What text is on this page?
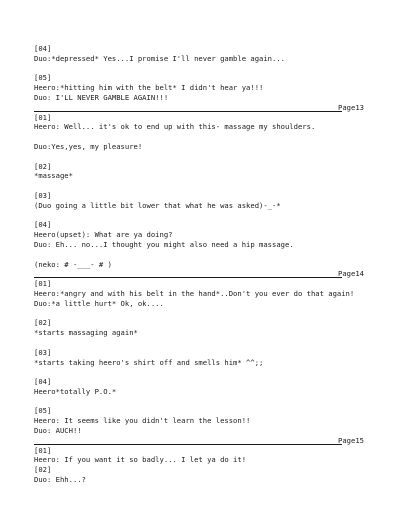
[04]
Duo:*depressed* Yes...I promise I'll never gamble again...
[05]
Heero:*hitting him with the belt* I didn't hear ya!!!
Duo: I'LL NEVER GAMBLE AGAIN!!!
Page13
[01]
Heero: Well... it's ok to end up with this- massage my shoulders.
Duo:Yes,yes, my pleasure!
[02]
*massage*
[03]
(Duo going a little bit lower that what he was asked)-_-*
[04]
Heero(upset): What are ya doing?
Duo: Eh... no...I thought you might also need a hip massage.
(neko: # -___- # )
Page14
[01]
Heero:*angry and with his belt in the hand*..Don't you ever do that again!
Duo:*a little hurt* Ok, ok....
[02]
*starts massaging again*
[03]
*starts taking heero's shirt off and smells him* ^^;;
[04]
Heero*totally P.O.*
[05]
Heero: It seems like you didn't learn the lesson!!
Duo: AUCH!!
Page15
[01]
Heero: If you want it so badly... I let ya do it!
[02]
Duo: Ehh...?
